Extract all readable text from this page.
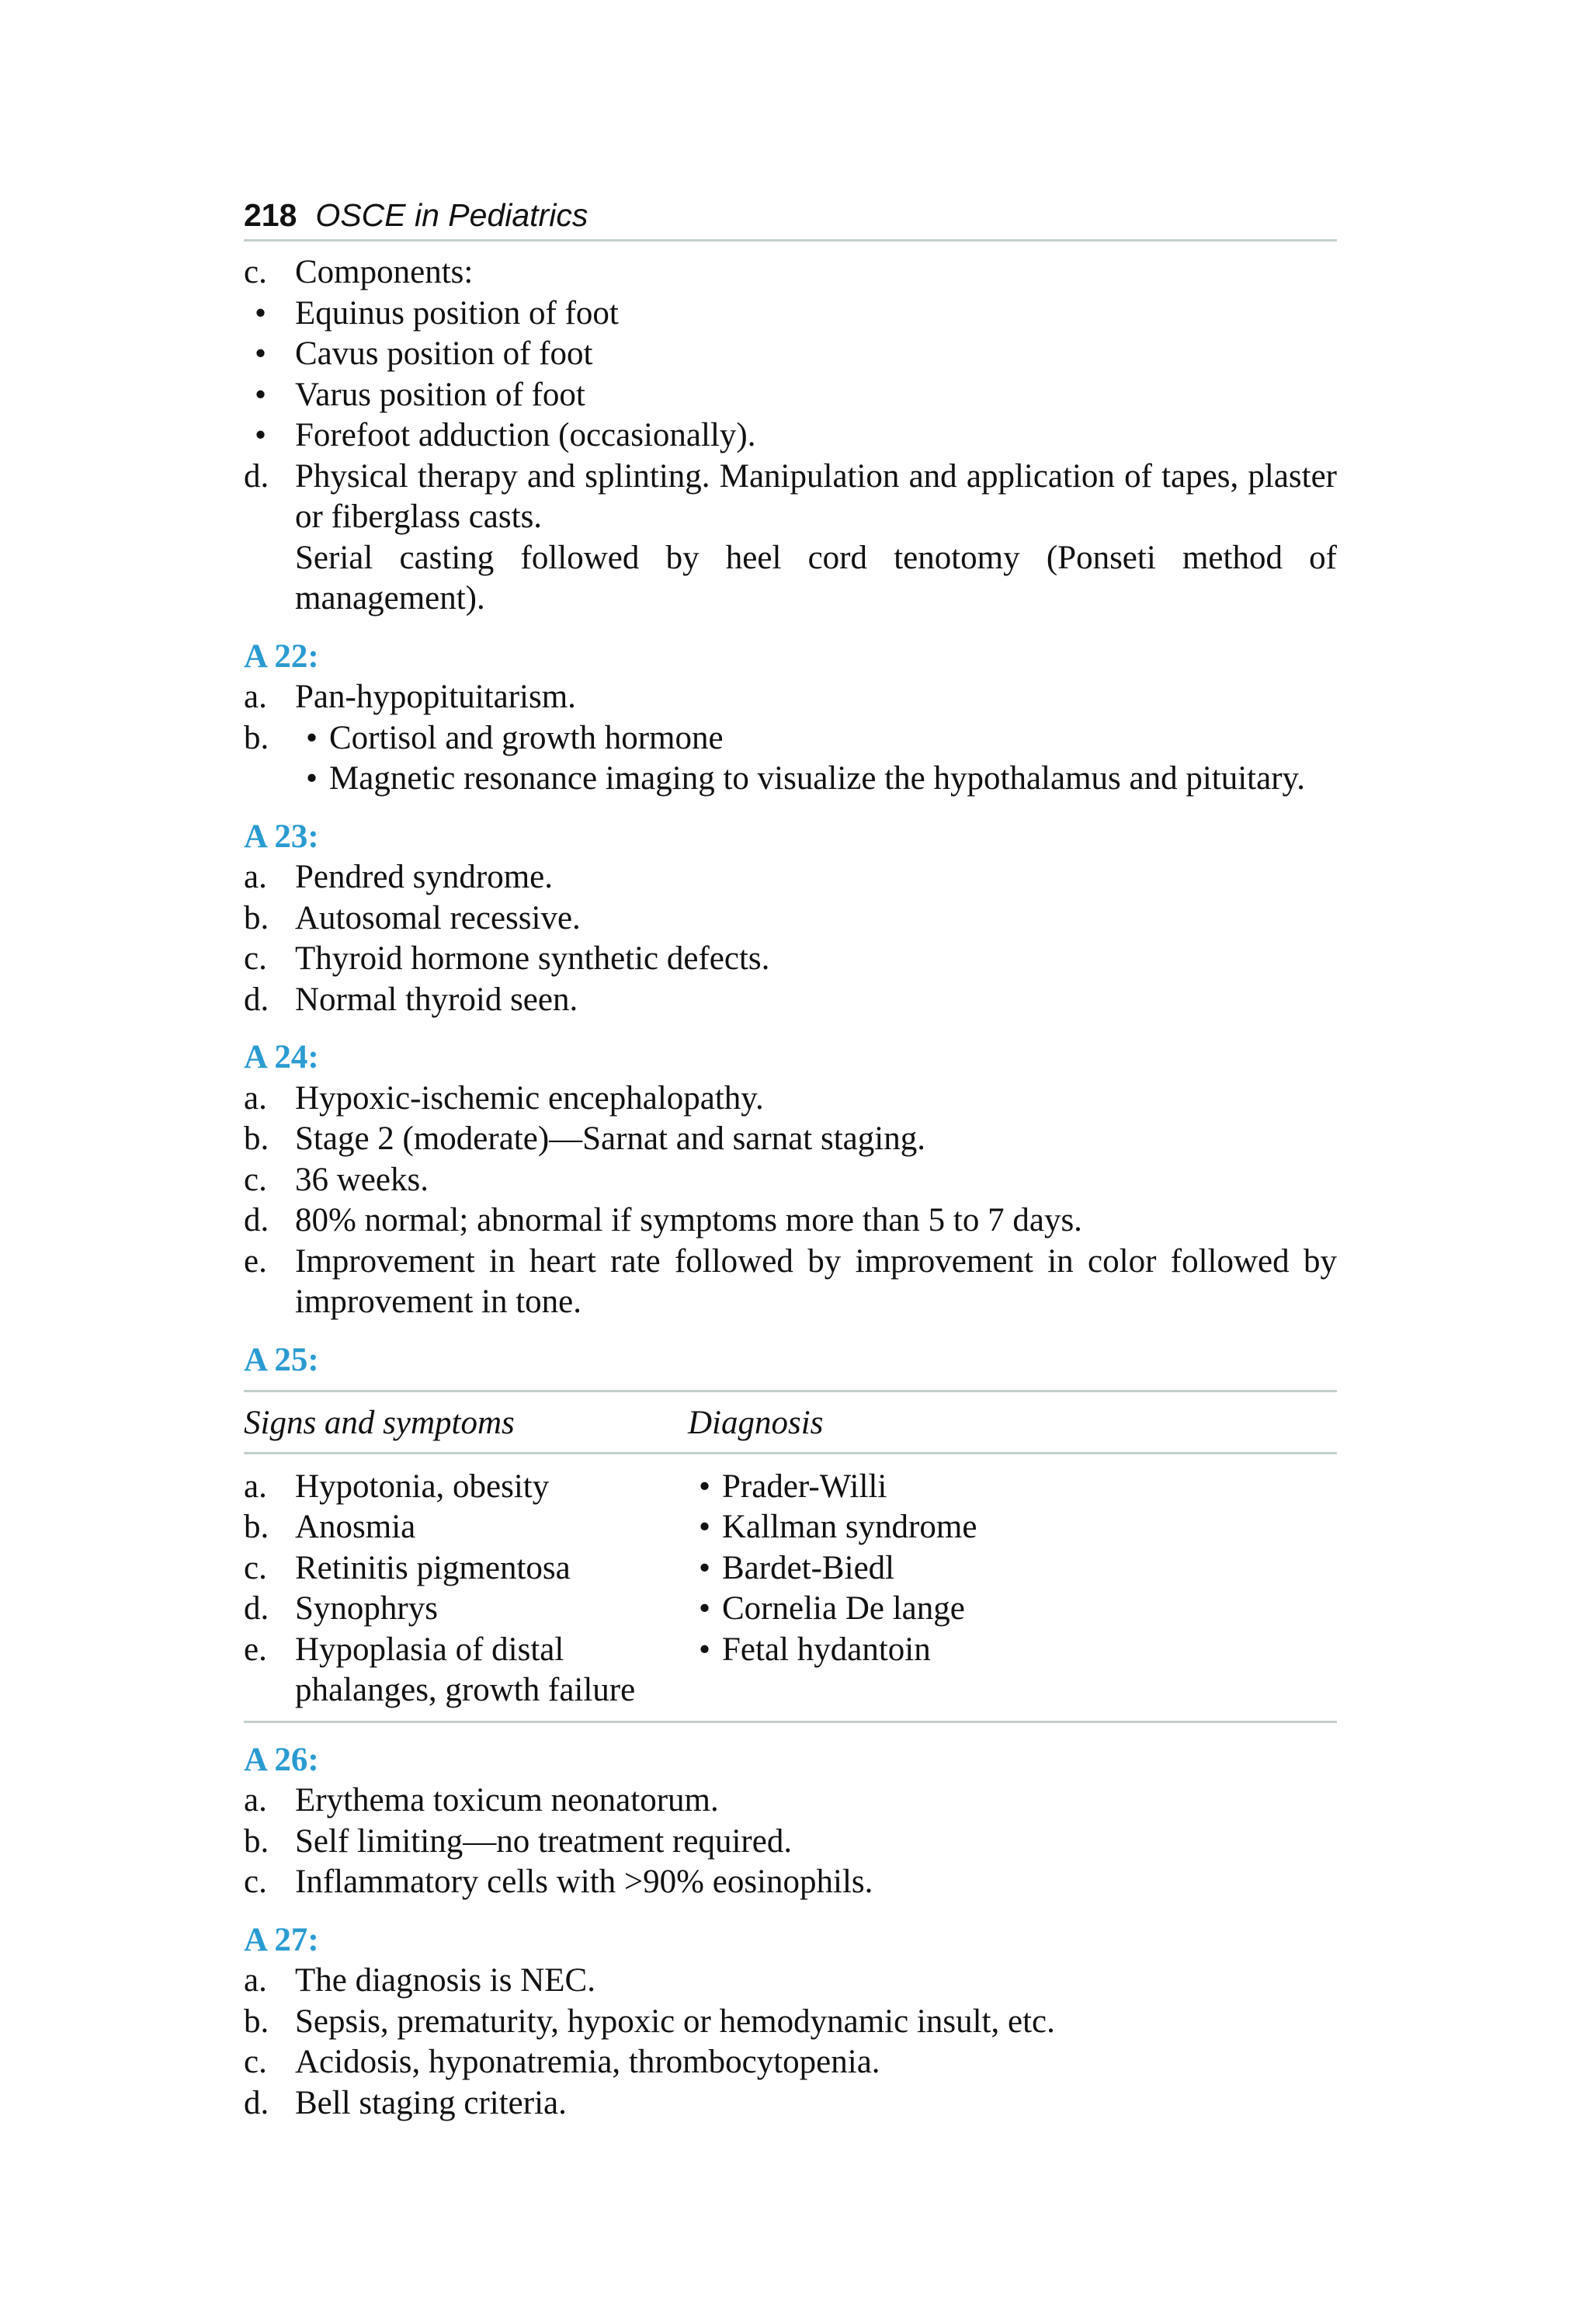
218 OSCE in Pediatrics
c. Components:
• Equinus position of foot
• Cavus position of foot
• Varus position of foot
• Forefoot adduction (occasionally).
d. Physical therapy and splinting. Manipulation and application of tapes, plaster or fiberglass casts.
Serial casting followed by heel cord tenotomy (Ponseti method of management).
A 22:
a. Pan-hypopituitarism.
b.	• Cortisol and growth hormone
• Magnetic resonance imaging to visualize the hypothalamus and pituitary.
A 23:
a. Pendred syndrome.
b. Autosomal recessive.
c. Thyroid hormone synthetic defects.
d. Normal thyroid seen.
A 24:
a. Hypoxic-ischemic encephalopathy.
b. Stage 2 (moderate)—Sarnat and sarnat staging.
c. 36 weeks.
d. 80% normal; abnormal if symptoms more than 5 to 7 days.
e. Improvement in heart rate followed by improvement in color followed by improvement in tone.
A 25:
Signs and symptoms	Diagnosis

a. Hypotonia, obesity	• Prader-Willi

b. Anosmia	• Kallman syndrome

c. Retinitis pigmentosa	• Bardet-Biedl

d. Synophrys	• Cornelia De lange

e. Hypoplasia of distal phalanges, growth failure	• Fetal hydantoin
A 26:
a. Erythema toxicum neonatorum.
b. Self limiting—no treatment required.
c. Inflammatory cells with >90% eosinophils.
A 27:
a. The diagnosis is NEC.
b. Sepsis, prematurity, hypoxic or hemodynamic insult, etc.
c. Acidosis, hyponatremia, thrombocytopenia.
d. Bell staging criteria.
